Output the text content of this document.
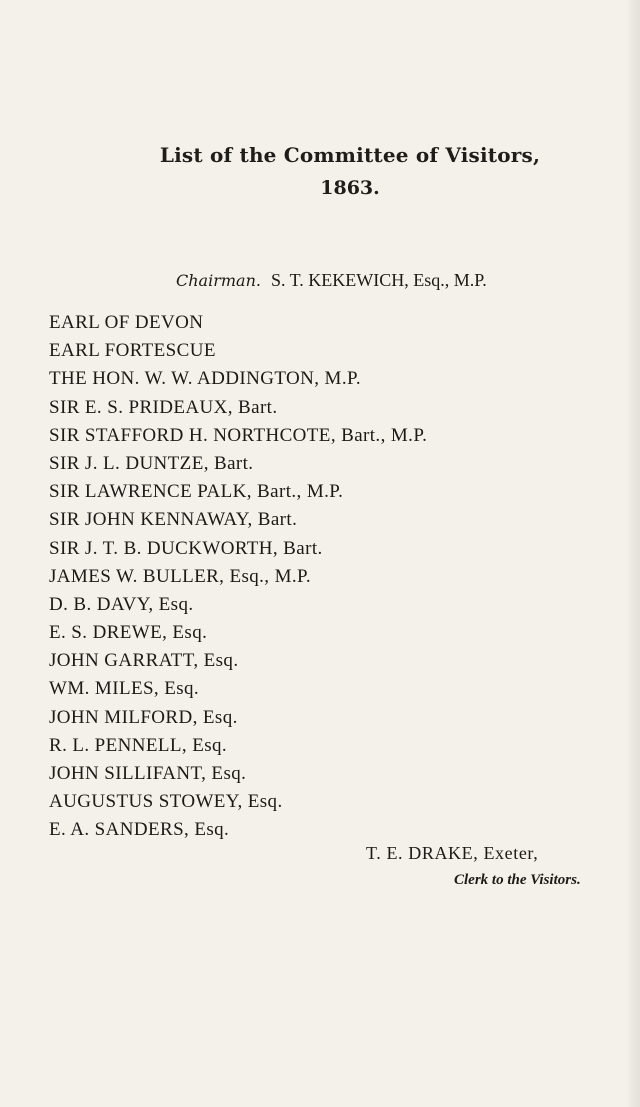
List of the Committee of Visitors,
1863.
Chairman. S. T. KEKEWICH, Esq., M.P.
EARL OF DEVON
EARL FORTESCUE
THE HON. W. W. ADDINGTON, M.P.
SIR E. S. PRIDEAUX, Bart.
SIR STAFFORD H. NORTHCOTE, Bart., M.P.
SIR J. L. DUNTZE, Bart.
SIR LAWRENCE PALK, Bart., M.P.
SIR JOHN KENNAWAY, Bart.
SIR J. T. B. DUCKWORTH, Bart.
JAMES W. BULLER, Esq., M.P.
D. B. DAVY, Esq.
E. S. DREWE, Esq.
JOHN GARRATT, Esq.
WM. MILES, Esq.
JOHN MILFORD, Esq.
R. L. PENNELL, Esq.
JOHN SILLIFANT, Esq.
AUGUSTUS STOWEY, Esq.
E. A. SANDERS, Esq.
T. E. DRAKE, Exeter,
Clerk to the Visitors.
